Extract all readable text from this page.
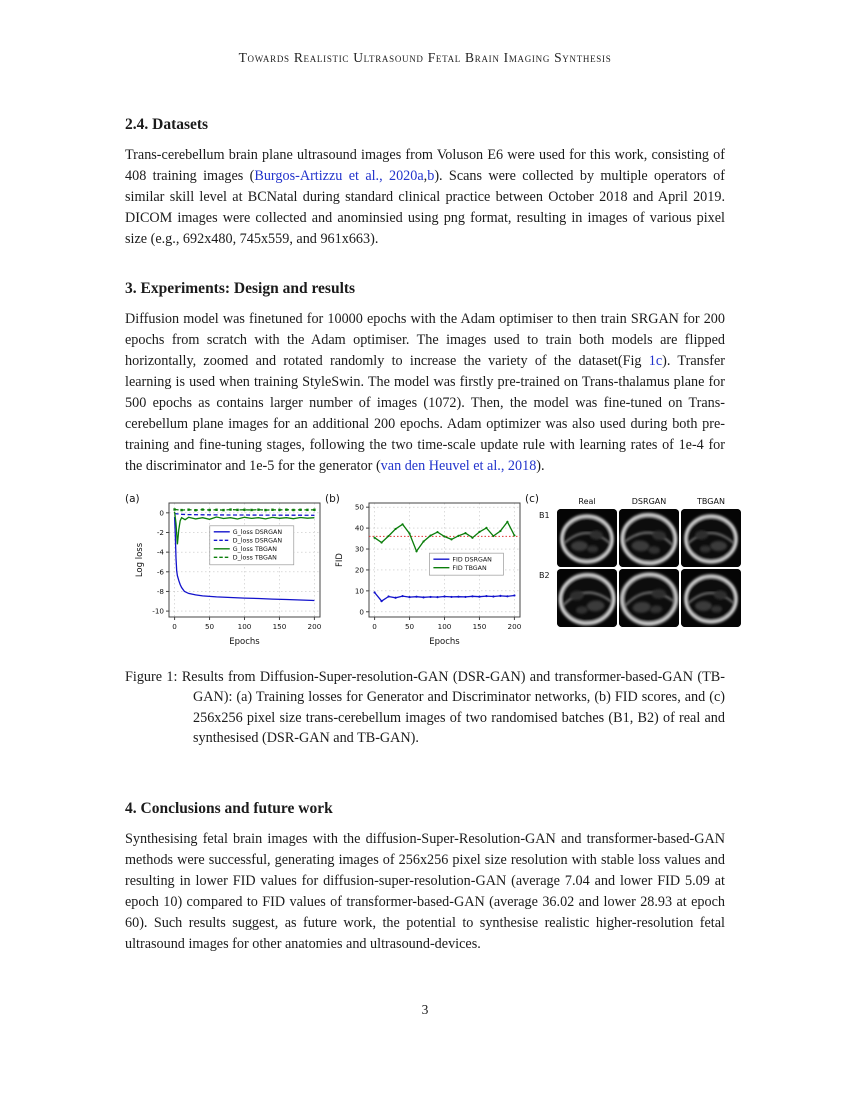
Towards Realistic Ultrasound Fetal Brain Imaging Synthesis
2.4. Datasets

Trans-cerebellum brain plane ultrasound images from Voluson E6 were used for this work, consisting of 408 training images (Burgos-Artizzu et al., 2020a,b). Scans were collected by multiple operators of similar skill level at BCNatal during standard clinical practice between October 2018 and April 2019. DICOM images were collected and anominsied using png format, resulting in images of various pixel size (e.g., 692x480, 745x559, and 961x663).

3. Experiments: Design and results

Diffusion model was finetuned for 10000 epochs with the Adam optimiser to then train SRGAN for 200 epochs from scratch with the Adam optimiser. The images used to train both models are flipped horizontally, zoomed and rotated randomly to increase the variety of the dataset(Fig 1c). Transfer learning is used when training StyleSwin. The model was firstly pre-trained on Trans-thalamus plane for 500 epochs as contains larger number of images (1072). Then, the model was fine-tuned on Trans-cerebellum plane images for an additional 200 epochs. Adam optimizer was also used during both pre-training and fine-tuning stages, following the two time-scale update rule with learning rates of 1e-4 for the discriminator and 1e-5 for the generator (van den Heuvel et al., 2018).

(a)
0	50	100	150	200
0
-2
-4
-6
-8
-10
Epochs
Log loss
G_loss DSRGAN
D_loss DSRGAN
G_loss TBGAN
D_loss TBGAN
(b)
0	50	100	150	200
0
10
20
30
40
50
Epochs
FID	FID DSRGAN
FID TBGAN
(c)	Real	DSRGAN	TBGAN
B1
B2
Figure 1: Results from Diffusion-Super-resolution-GAN (DSR-GAN) and transformer-based-GAN (TB-GAN): (a) Training losses for Generator and Discriminator networks, (b) FID scores, and (c) 256x256 pixel size trans-cerebellum images of two randomised batches (B1, B2) of real and synthesised (DSR-GAN and TB-GAN).
4. Conclusions and future work

Synthesising fetal brain images with the diffusion-Super-Resolution-GAN and transformer-based-GAN methods were successful, generating images of 256x256 pixel size resolution with stable loss values and resulting in lower FID values for diffusion-super-resolution-GAN (average 7.04 and lower FID 5.09 at epoch 10) compared to FID values of transformer-based-GAN (average 36.02 and lower 28.93 at epoch 60). Such results suggest, as future work, the potential to synthesise realistic higher-resolution fetal ultrasound images for other anatomies and ultrasound-devices.

3
